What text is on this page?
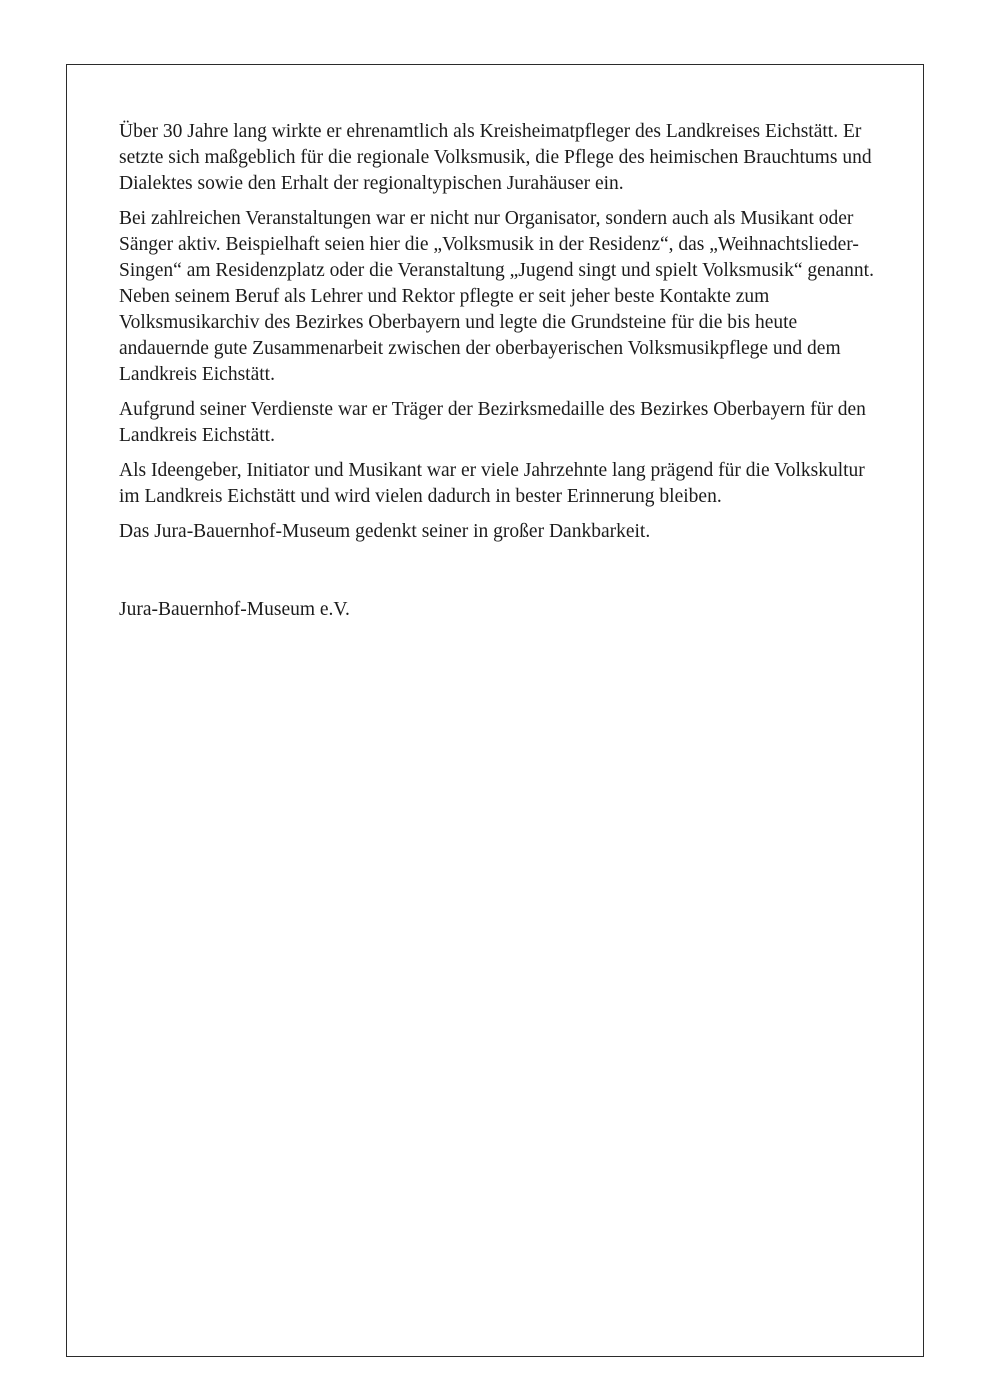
Über 30 Jahre lang wirkte er ehrenamtlich als Kreisheimatpfleger des Landkreises Eichstätt. Er setzte sich maßgeblich für die regionale Volksmusik, die Pflege des heimischen Brauchtums und Dialektes sowie den Erhalt der regionaltypischen Jurahäuser ein.

Bei zahlreichen Veranstaltungen war er nicht nur Organisator, sondern auch als Musikant oder Sänger aktiv. Beispielhaft seien hier die „Volksmusik in der Residenz“, das „Weihnachtslieder-Singen“ am Residenzplatz oder die Veranstaltung „Jugend singt und spielt Volksmusik“ genannt. Neben seinem Beruf als Lehrer und Rektor pflegte er seit jeher beste Kontakte zum Volksmusikarchiv des Bezirkes Oberbayern und legte die Grundsteine für die bis heute andauernde gute Zusammenarbeit zwischen der oberbayerischen Volksmusikpflege und dem Landkreis Eichstätt.

Aufgrund seiner Verdienste war er Träger der Bezirksmedaille des Bezirkes Oberbayern für den Landkreis Eichstätt.

Als Ideengeber, Initiator und Musikant war er viele Jahrzehnte lang prägend für die Volkskultur im Landkreis Eichstätt und wird vielen dadurch in bester Erinnerung bleiben.

Das Jura-Bauernhof-Museum gedenkt seiner in großer Dankbarkeit.

Jura-Bauernhof-Museum e.V.
